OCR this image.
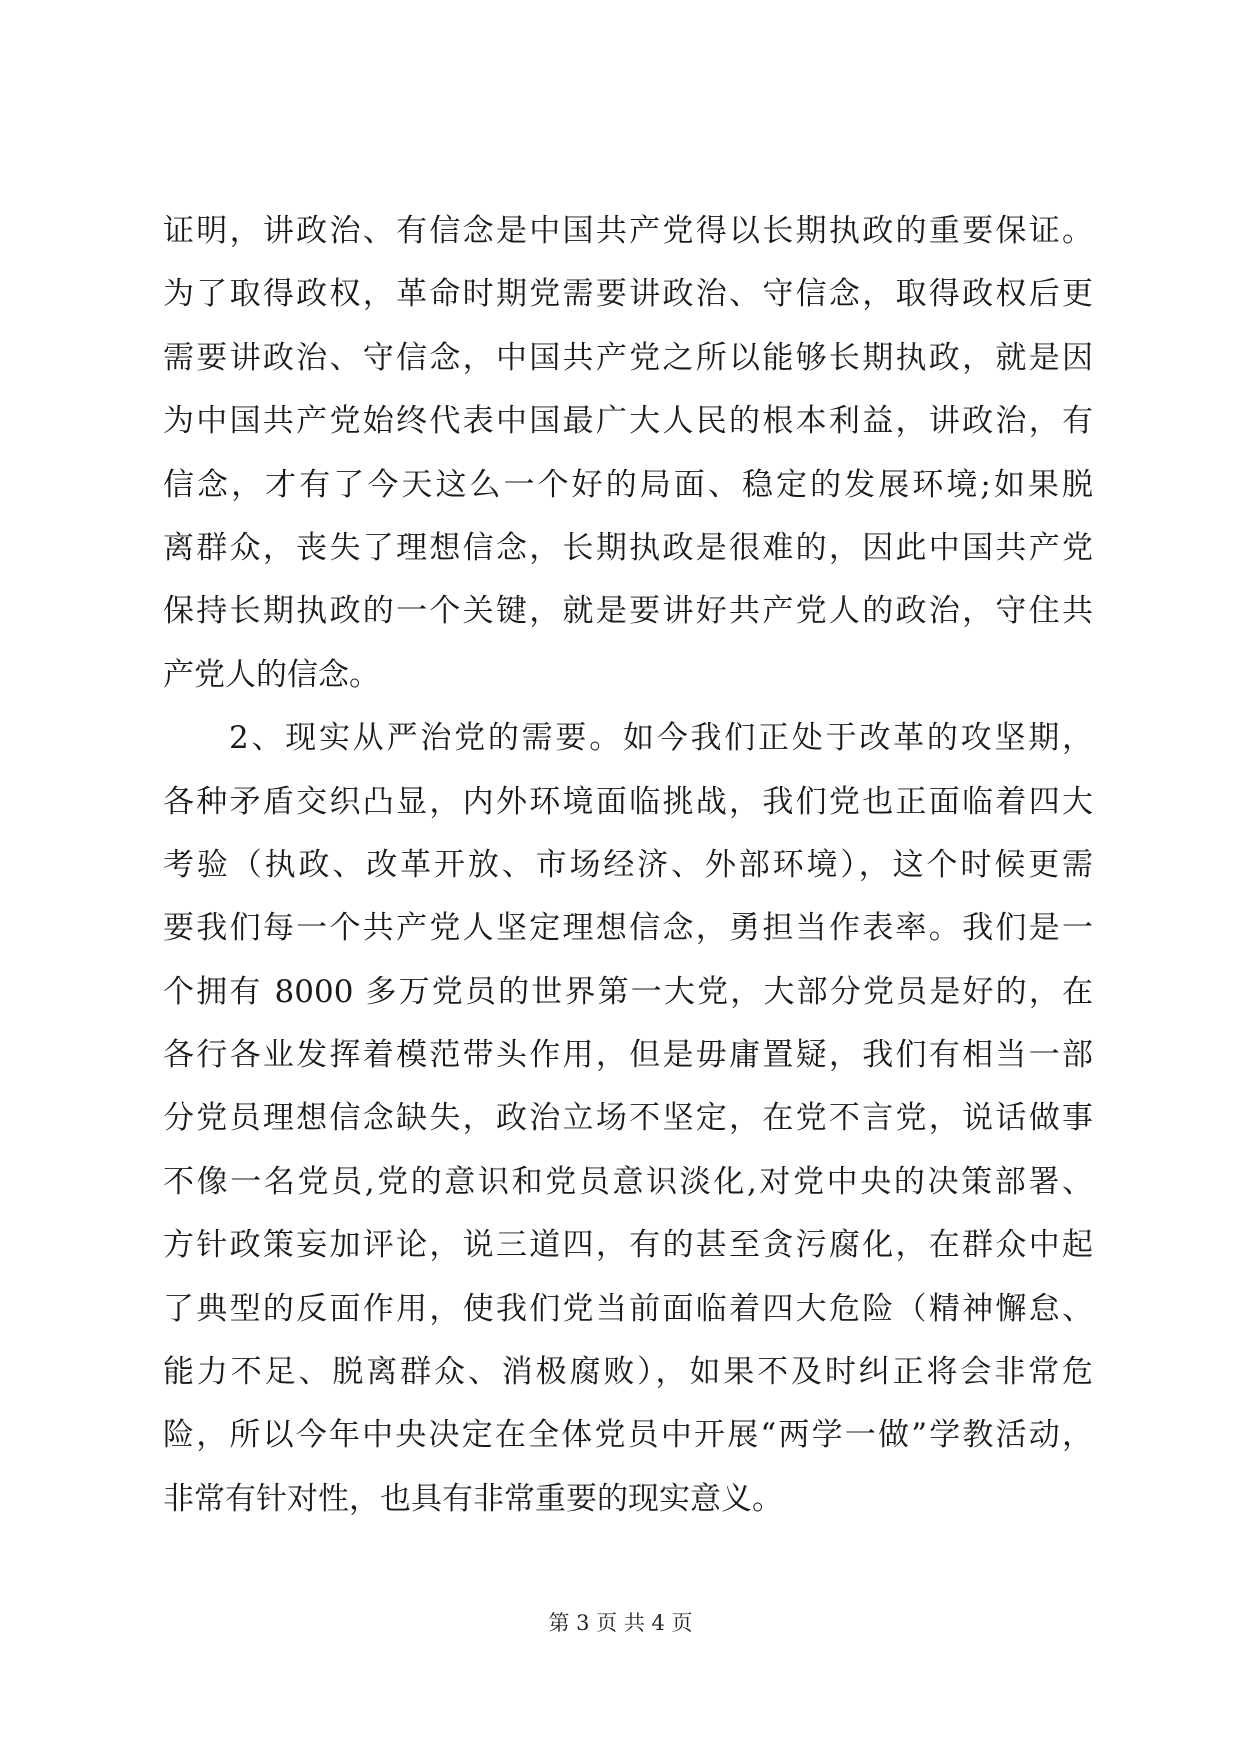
证明，讲政治、有信念是中国共产党得以长期执政的重要保证。
为了取得政权，革命时期党需要讲政治、守信念，取得政权后更
需要讲政治、守信念，中国共产党之所以能够长期执政，就是因
为中国共产党始终代表中国最广大人民的根本利益，讲政治，有
信念，才有了今天这么一个好的局面、稳定的发展环境;如果脱
离群众，丧失了理想信念，长期执政是很难的，因此中国共产党
保持长期执政的一个关键，就是要讲好共产党人的政治，守住共
产党人的信念。
2、现实从严治党的需要。如今我们正处于改革的攻坚期，
各种矛盾交织凸显，内外环境面临挑战，我们党也正面临着四大
考验（执政、改革开放、市场经济、外部环境），这个时候更需
要我们每一个共产党人坚定理想信念，勇担当作表率。我们是一
个拥有 8000 多万党员的世界第一大党，大部分党员是好的，在
各行各业发挥着模范带头作用，但是毋庸置疑，我们有相当一部
分党员理想信念缺失，政治立场不坚定，在党不言党，说话做事
不像一名党员,党的意识和党员意识淡化,对党中央的决策部署、
方针政策妄加评论，说三道四，有的甚至贪污腐化，在群众中起
了典型的反面作用，使我们党当前面临着四大危险（精神懈怠、
能力不足、脱离群众、消极腐败），如果不及时纠正将会非常危
险，所以今年中央决定在全体党员中开展“两学一做”学教活动，
非常有针对性，也具有非常重要的现实意义。
第 3 页 共 4 页
